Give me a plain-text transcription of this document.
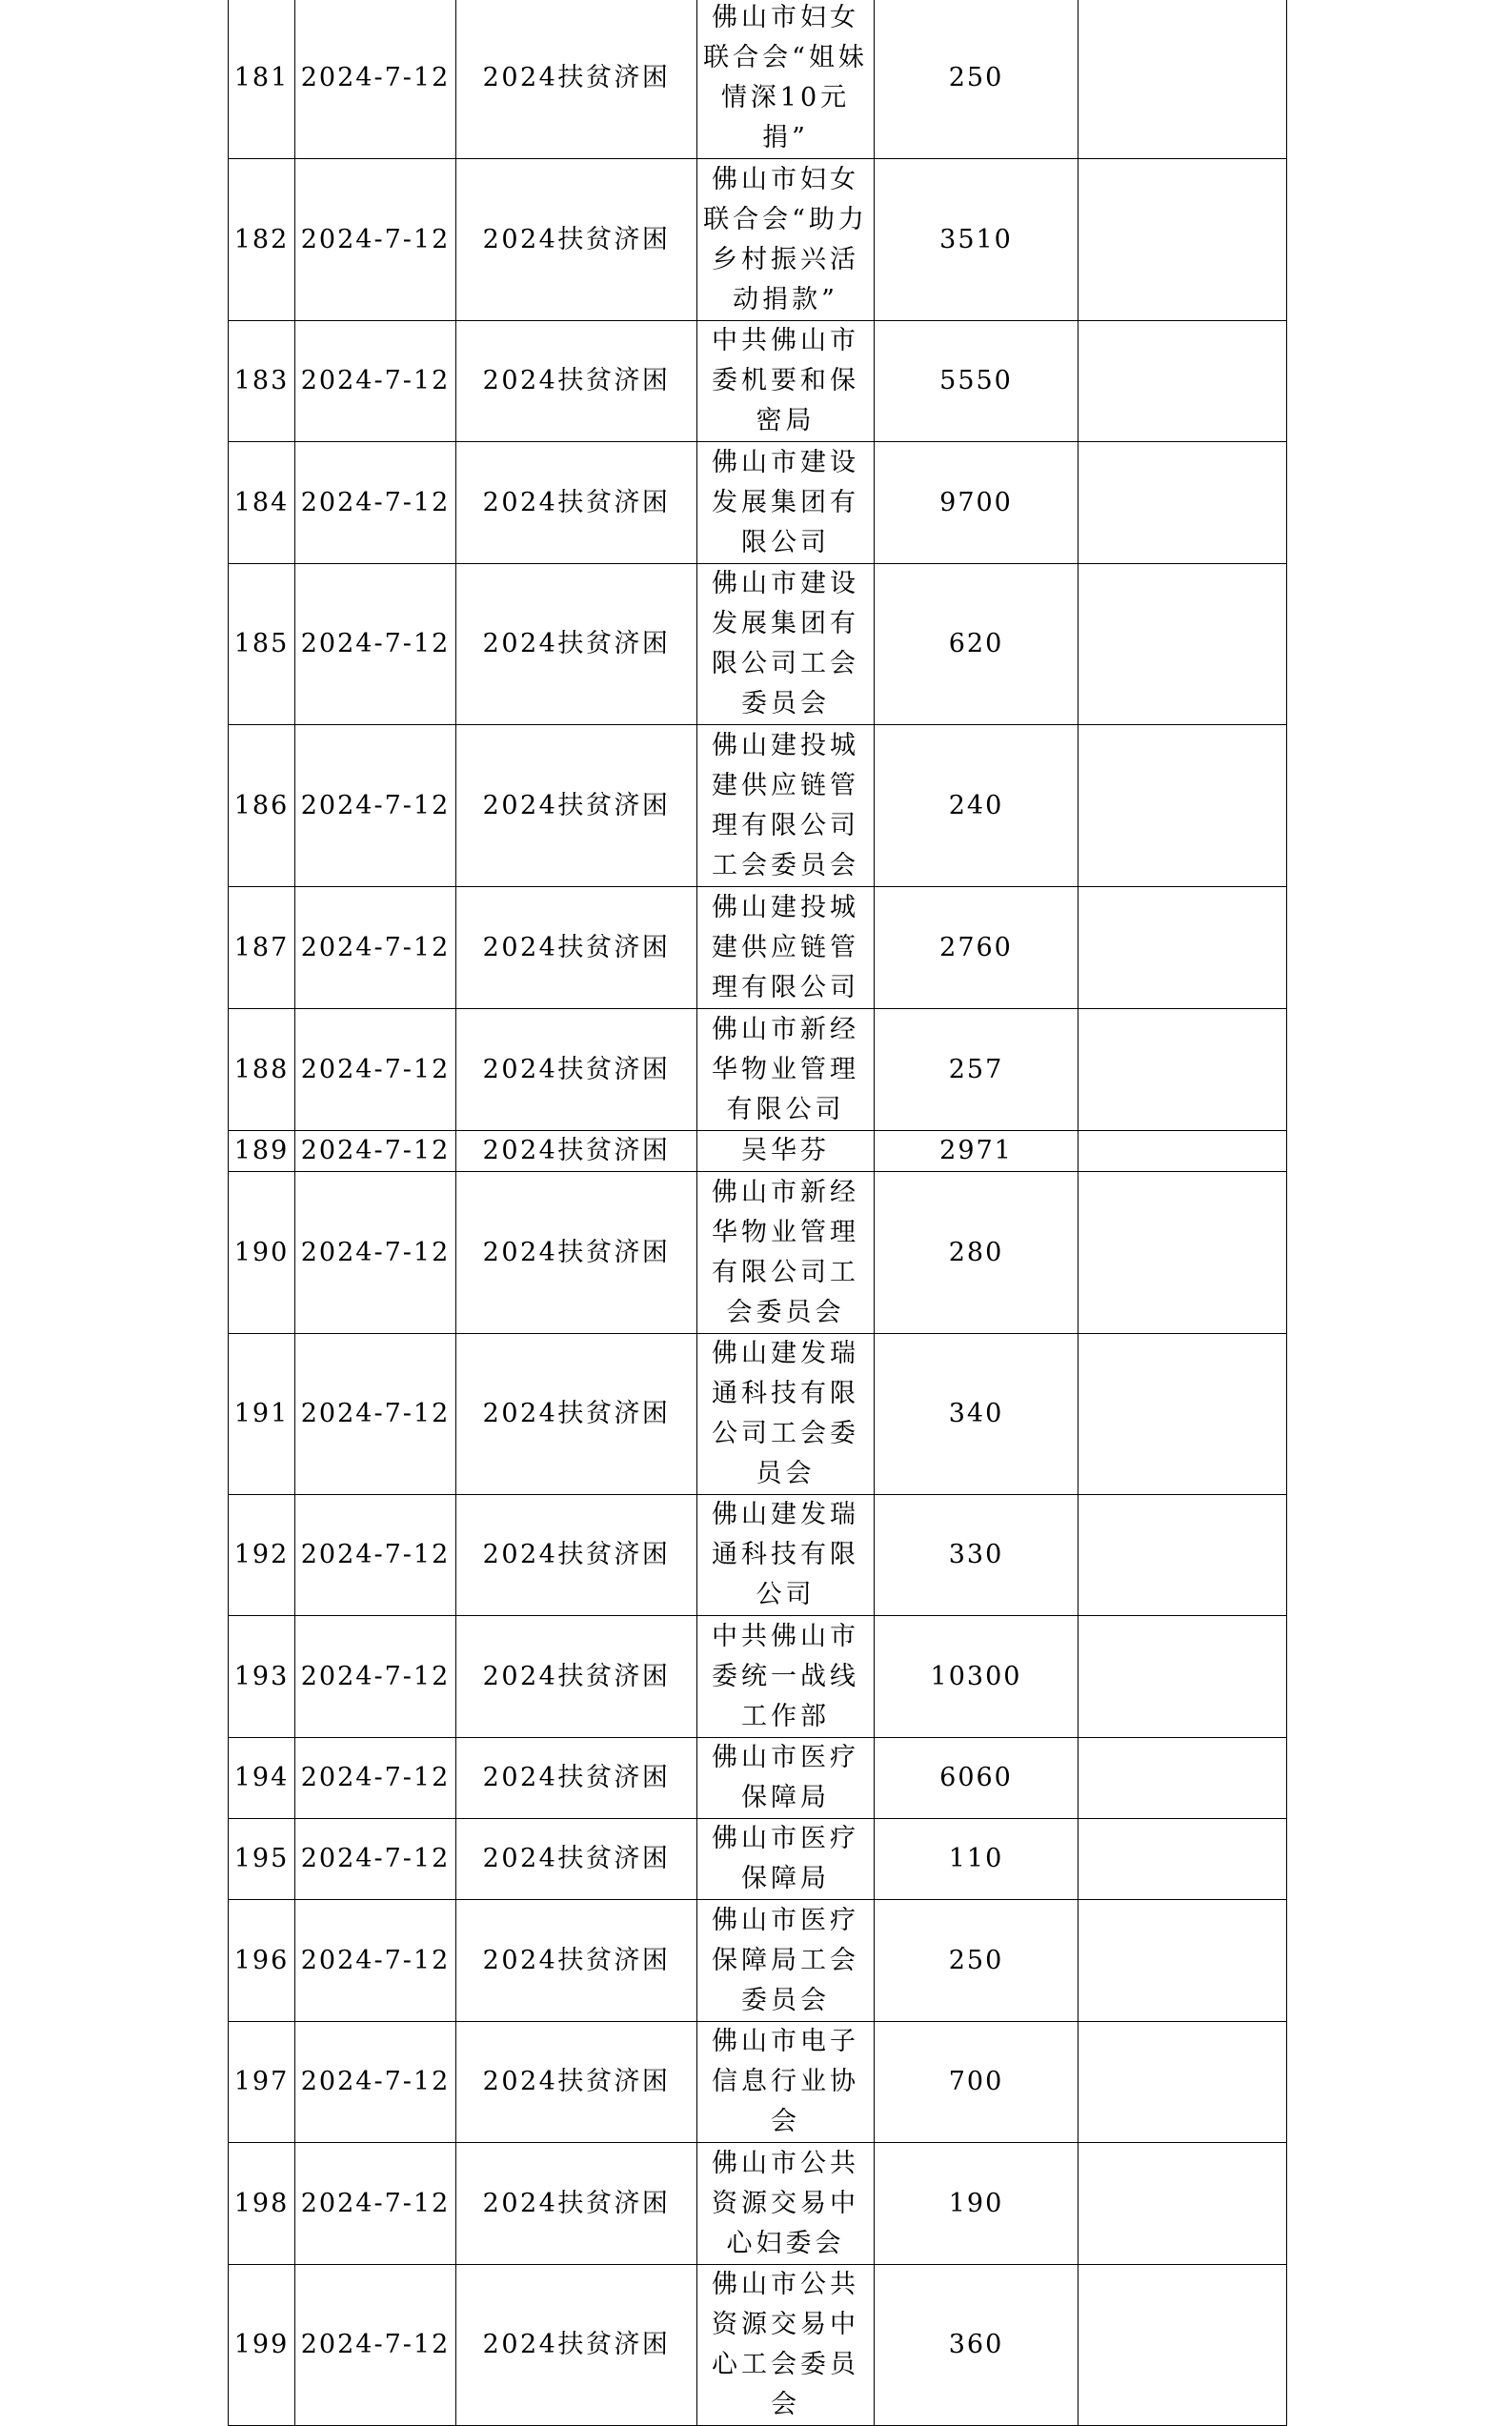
181	2024-7-12	2024扶贫济困	佛山市妇女联合会“姐妹情深10元捐”	250	
182	2024-7-12	2024扶贫济困	佛山市妇女联合会“助力乡村振兴活动捐款”	3510	
183	2024-7-12	2024扶贫济困	中共佛山市委机要和保密局	5550	
184	2024-7-12	2024扶贫济困	佛山市建设发展集团有限公司	9700	
185	2024-7-12	2024扶贫济困	佛山市建设发展集团有限公司工会委员会	620	
186	2024-7-12	2024扶贫济困	佛山建投城建供应链管理有限公司工会委员会	240	
187	2024-7-12	2024扶贫济困	佛山建投城建供应链管理有限公司	2760	
188	2024-7-12	2024扶贫济困	佛山市新经华物业管理有限公司	257	
189	2024-7-12	2024扶贫济困	吴华芬	2971	
190	2024-7-12	2024扶贫济困	佛山市新经华物业管理有限公司工会委员会	280	
191	2024-7-12	2024扶贫济困	佛山建发瑞通科技有限公司工会委员会	340	
192	2024-7-12	2024扶贫济困	佛山建发瑞通科技有限公司	330	
193	2024-7-12	2024扶贫济困	中共佛山市委统一战线工作部	10300	
194	2024-7-12	2024扶贫济困	佛山市医疗保障局	6060	
195	2024-7-12	2024扶贫济困	佛山市医疗保障局	110	
196	2024-7-12	2024扶贫济困	佛山市医疗保障局工会委员会	250	
197	2024-7-12	2024扶贫济困	佛山市电子信息行业协会	700	
198	2024-7-12	2024扶贫济困	佛山市公共资源交易中心妇委会	190	
199	2024-7-12	2024扶贫济困	佛山市公共资源交易中心工会委员会	360	
